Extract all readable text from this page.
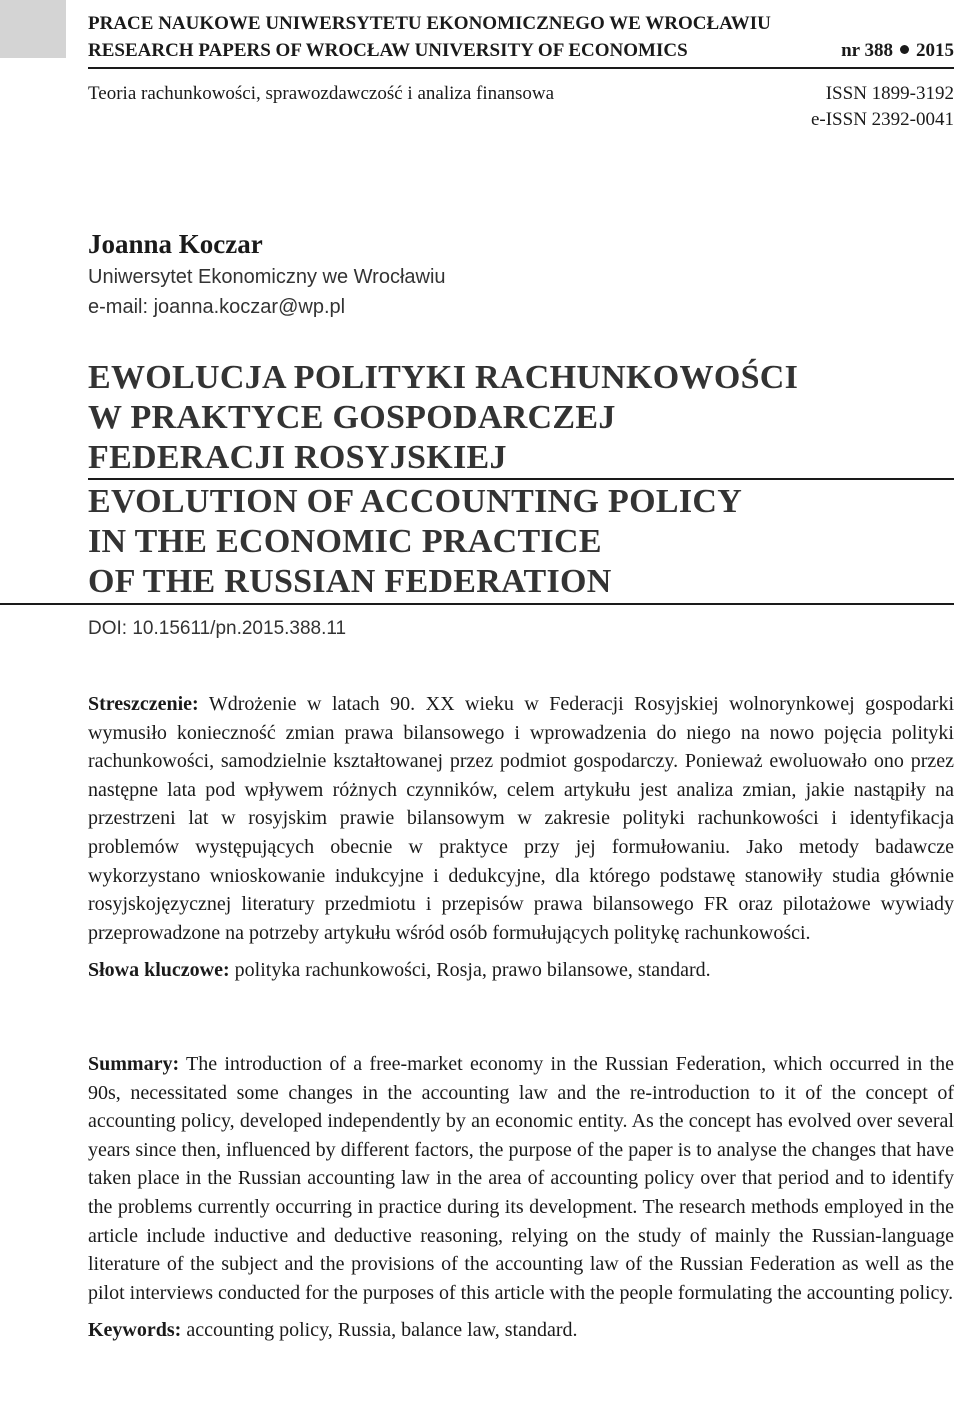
PRACE NAUKOWE UNIWERSYTETU EKONOMICZNEGO WE WROCŁAWIU
RESEARCH PAPERS OF WROCŁAW UNIVERSITY OF ECONOMICS	nr 388 2015
Teoria rachunkowości, sprawozdawczość i analiza finansowa	ISSN 1899-3192
e-ISSN 2392-0041
Joanna Koczar
Uniwersytet Ekonomiczny we Wrocławiu
e-mail: joanna.koczar@wp.pl
EWOLUCJA POLITYKI RACHUNKOWOŚCI
W PRAKTYCE GOSPODARCZEJ
FEDERACJI ROSYJSKIEJ
EVOLUTION OF ACCOUNTING POLICY
IN THE ECONOMIC PRACTICE
OF THE RUSSIAN FEDERATION
DOI: 10.15611/pn.2015.388.11

Streszczenie: Wdrożenie w latach 90. XX wieku w Federacji Rosyjskiej wolnorynkowej gospodarki wymusiło konieczność zmian prawa bilansowego i wprowadzenia do niego na nowo pojęcia polityki rachunkowości, samodzielnie kształtowanej przez podmiot gospodarczy. Ponieważ ewoluowało ono przez następne lata pod wpływem różnych czynników, celem artykułu jest analiza zmian, jakie nastąpiły na przestrzeni lat w rosyjskim prawie bilansowym w zakresie polityki rachunkowości i identyfikacja problemów występujących obecnie w praktyce przy jej formułowaniu. Jako metody badawcze wykorzystano wnioskowanie indukcyjne i dedukcyjne, dla którego podstawę stanowiły studia głównie rosyjskojęzycznej literatury przedmiotu i przepisów prawa bilansowego FR oraz pilotażowe wywiady przeprowadzone na potrzeby artykułu wśród osób formułujących politykę rachunkowości.

Słowa kluczowe: polityka rachunkowości, Rosja, prawo bilansowe, standard.

Summary: The introduction of a free-market economy in the Russian Federation, which occurred in the 90s, necessitated some changes in the accounting law and the re-introduction to it of the concept of accounting policy, developed independently by an economic entity. As the concept has evolved over several years since then, influenced by different factors, the purpose of the paper is to analyse the changes that have taken place in the Russian accounting law in the area of accounting policy over that period and to identify the problems currently occurring in practice during its development. The research methods employed in the article include inductive and deductive reasoning, relying on the study of mainly the Russian-language literature of the subject and the provisions of the accounting law of the Russian Federation as well as the pilot interviews conducted for the purposes of this article with the people formulating the accounting policy.

Keywords: accounting policy, Russia, balance law, standard.
